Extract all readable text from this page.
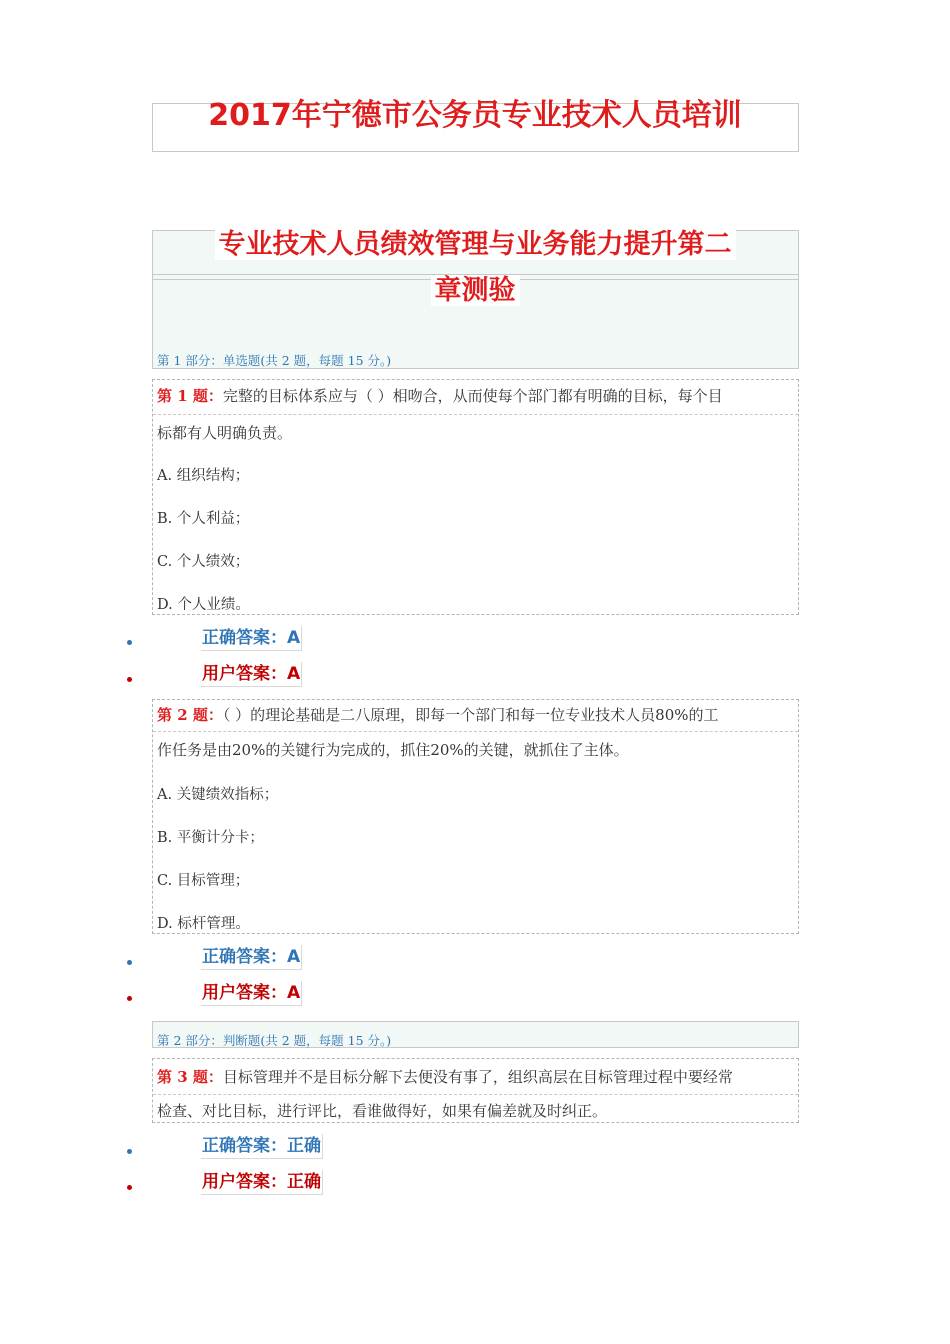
2017年宁德市公务员专业技术人员培训
专业技术人员绩效管理与业务能力提升第二
章测验
第 1 部分：单选题(共 2 题，每题 15 分。)
第 1 题：完整的目标体系应与（ ）相吻合，从而使每个部门都有明确的目标，每个目
标都有人明确负责。
A. 组织结构；
B. 个人利益；
C. 个人绩效；
D. 个人业绩。
正确答案：A
用户答案：A
第 2 题：（ ）的理论基础是二八原理，即每一个部门和每一位专业技术人员80%的工
作任务是由20%的关键行为完成的，抓住20%的关键，就抓住了主体。
A. 关键绩效指标；
B. 平衡计分卡；
C. 目标管理；
D. 标杆管理。
正确答案：A
用户答案：A
第 2 部分：判断题(共 2 题，每题 15 分。)
第 3 题：目标管理并不是目标分解下去便没有事了，组织高层在目标管理过程中要经常
检查、对比目标，进行评比，看谁做得好，如果有偏差就及时纠正。
正确答案：正确
用户答案：正确
